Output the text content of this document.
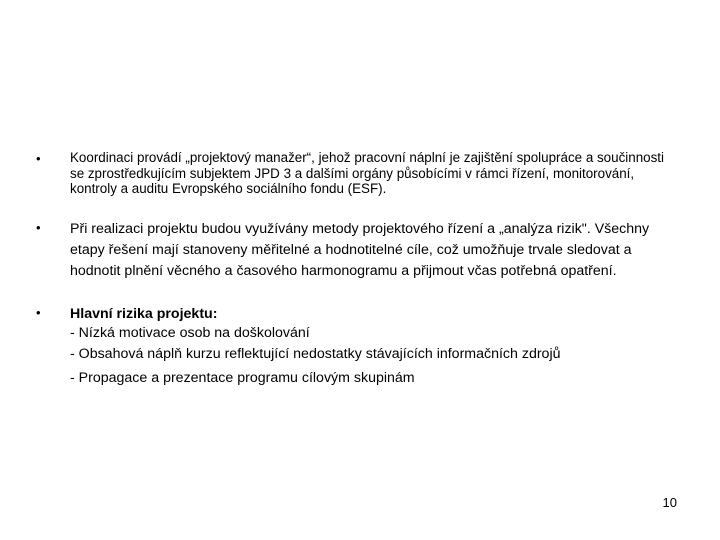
• Koordinaci provádí „projektový manažer“, jehož pracovní náplní je zajištění spolupráce a součinnosti se zprostředkujícím subjektem JPD 3 a dalšími orgány působícími v rámci řízení, monitorování, kontroly a auditu Evropského sociálního fondu (ESF).
• Při realizaci projektu budou využívány metody projektového řízení a „analýza rizik". Všechny etapy řešení mají stanoveny měřitelné a hodnotitelné cíle, což umožňuje trvale sledovat a hodnotit plnění věcného a časového harmonogramu a přijmout včas potřebná opatření.
• Hlavní rizika projektu:
- Nízká motivace osob na doškolování
- Obsahová náplň kurzu reflektující nedostatky stávajících informačních zdrojů
- Propagace a prezentace programu cílovým skupinám
10
